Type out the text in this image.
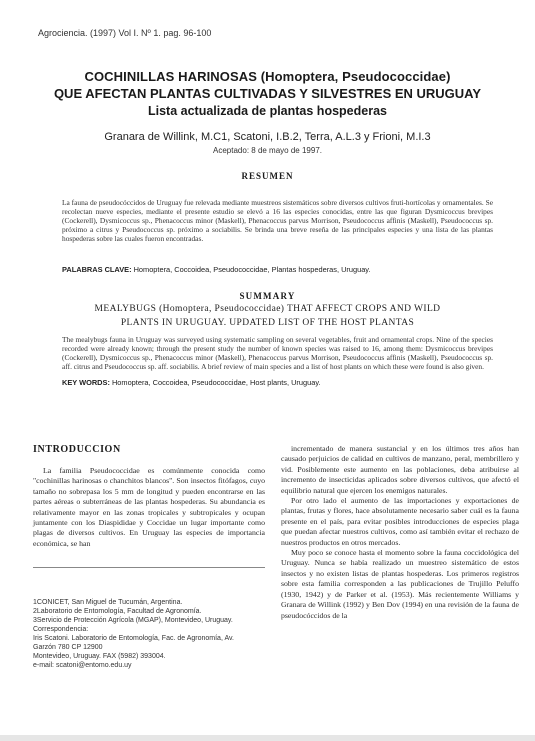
Agrociencia. (1997) Vol I. Nº 1. pag. 96-100
COCHINILLAS HARINOSAS (Homoptera, Pseudococcidae)
QUE AFECTAN PLANTAS CULTIVADAS Y SILVESTRES EN URUGUAY
Lista actualizada de plantas hospederas
Granara de Willink, M.C1, Scatoni, I.B.2, Terra, A.L.3 y Frioni, M.I.3
Aceptado: 8 de mayo de 1997.
RESUMEN
La fauna de pseudocóccidos de Uruguay fue relevada mediante muestreos sistemáticos sobre diversos cultivos fruti-hortícolas y ornamentales. Se recolectan nueve especies, mediante el presente estudio se elevó a 16 las especies conocidas, entre las que figuran Dysmicoccus brevipes (Cockerell), Dysmicoccus sp., Phenacoccus minor (Maskell), Phenacoccus parvus Morrison, Pseudococcus affinis (Maskell), Pseudococcus sp. próximo a citrus y Pseudococcus sp. próximo a sociabilis. Se brinda una breve reseña de las principales especies y una lista de las plantas hospederas sobre las cuales fueron encontradas.
PALABRAS CLAVE: Homoptera, Coccoidea, Pseudococcidae, Plantas hospederas, Uruguay.
SUMMARY
MEALYBUGS (Homoptera, Pseudococcidae) THAT AFFECT CROPS AND WILD
PLANTS IN URUGUAY. UPDATED LIST OF THE HOST PLANTAS
The mealybugs fauna in Uruguay was surveyed using systematic sampling on several vegetables, fruit and ornamental crops. Nine of the species recorded were already known; through the present study the number of known species was raised to 16, among them: Dysmicoccus brevipes (Cockerell), Dysmicoccus sp., Phenacoccus minor (Maskell), Phenacoccus parvus Morrison, Pseudococcus affinis (Maskell), Pseudococcus sp. aff. citrus and Pseudococcus sp. aff. sociabilis. A brief review of main species and a list of host plants on which these were found is also given.
KEY WORDS: Homoptera, Coccoidea, Pseudococcidae, Host plants, Uruguay.
INTRODUCCION

La familia Pseudococcidae es comúnmente conocida como "cochinillas harinosas o chanchitos blancos". Son insectos fitófagos, cuyo tamaño no sobrepasa los 5 mm de longitud y pueden encontrarse en las partes aéreas o subterráneas de las plantas hospederas. Su abundancia es relativamente mayor en las zonas tropicales y subtropicales y ocupan juntamente con los Diaspididae y Coccidae un lugar importante como plagas de diversos cultivos. En Uruguay las especies de importancia económica, se han

incrementado de manera sustancial y en los últimos tres años han causado perjuicios de calidad en cultivos de manzano, peral, membrillero y vid. Posiblemente este aumento en las poblaciones, deba atribuirse al incremento de insecticidas aplicados sobre diversos cultivos, que afectó el equilibrio natural que ejercen los enemigos naturales.

Por otro lado el aumento de las importaciones y exportaciones de plantas, frutas y flores, hace absolutamente necesario saber cuál es la fauna presente en el país, para evitar posibles introducciones de especies plaga que puedan afectar nuestros cultivos, como así también evitar el rechazo de nuestros productos en otros mercados.

Muy poco se conoce hasta el momento sobre la fauna coccidológica del Uruguay. Nunca se había realizado un muestreo sistemático de estos insectos y no existen listas de plantas hospederas. Los primeros registros sobre esta familia corresponden a las publicaciones de Trujillo Peluffo (1930, 1942) y de Parker et al. (1953). Más recientemente Williams y Granara de Willink (1992) y Ben Dov (1994) en una revisión de la fauna de pseudocóccidos de la

1CONICET, San Miguel de Tucumán, Argentina.
2Laboratorio de Entomología, Facultad de Agronomía.
3Servicio de Protección Agrícola (MGAP), Montevideo, Uruguay.
Correspondencia:
Iris Scatoni. Laboratorio de Entomología, Fac. de Agronomía, Av.
Garzón 780 CP 12900
Montevideo, Uruguay. FAX (5982) 393004.
e-mail: scatoni@entomo.edu.uy
